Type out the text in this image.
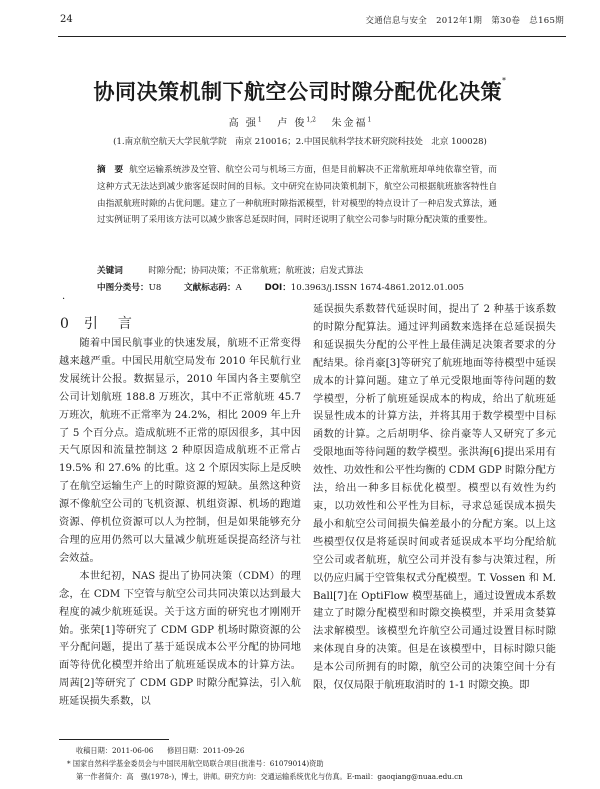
24	交通信息与安全 2012年1期 第30卷 总165期
协同决策机制下航空公司时隙分配优化决策*
高 强$^1$ 卢 俊$^{1,2}$ 朱金福$^1$
(1.南京航空航天大学民航学院　南京 210016；2.中国民航科学技术研究院科技处　北京 100028)
摘　要 航空运输系统涉及空管、航空公司与机场三方面，但是目前解决不正常航班却单纯依靠空管，而这种方式无法达到减少旅客延误时间的目标。文中研究在协同决策机制下，航空公司根据航班旅客特性自由指派航班时隙的占优问题。建立了一种航班时隙指派模型，针对模型的特点设计了一种启发式算法，通过实例证明了采用该方法可以减少旅客总延误时间，同时还说明了航空公司参与时隙分配决策的重要性。
关键词	时隙分配；协同决策；不正常航班；航班波；启发式算法
中图分类号：U8	文献标志码：A	DOI：10.3963/j.ISSN 1674-4861.2012.01.005
·
0 引　言

随着中国民航事业的快速发展，航班不正常变得越来越严重。中国民用航空局发布 2010 年民航行业发展统计公报。数据显示，2010 年国内各主要航空公司计划航班 188.8 万班次，其中不正常航班 45.7 万班次，航班不正常率为 24.2%，相比 2009 年上升了 5 个百分点。造成航班不正常的原因很多，其中因天气原因和流量控制这 2 种原因造成航班不正常占 19.5% 和 27.6% 的比重。这 2 个原因实际上是反映了在航空运输生产上的时隙资源的短缺。虽然这种资源不像航空公司的飞机资源、机组资源、机场的跑道资源、停机位资源可以人为控制，但是如果能够充分合理的应用仍然可以大量减少航班延误提高经济与社会效益。

本世纪初，NAS 提出了协同决策（CDM）的理念，在 CDM 下空管与航空公司共同决策以达到最大程度的减少航班延误。关于这方面的研究也才刚刚开始。张荣[1]等研究了 CDM GDP 机场时隙资源的公平分配问题，提出了基于延误成本公平分配的协同地面等待优化模型并给出了航班延误成本的计算方法。周茜[2]等研究了 CDM GDP 时隙分配算法，引入航班延误损失系数，以

延误损失系数替代延误时间，提出了 2 种基于该系数的时隙分配算法。通过评判函数来选择在总延误损失和延误损失分配的公平性上最佳满足决策者要求的分配结果。徐肖豪[3]等研究了航班地面等待模型中延误成本的计算问题。建立了单元受限地面等待问题的数学模型，分析了航班延误成本的构成，给出了航班延误显性成本的计算方法，并将其用于数学模型中目标函数的计算。之后胡明华、徐肖豪等人又研究了多元受限地面等待问题的数学模型。张洪海[6]提出采用有效性、功效性和公平性均衡的 CDM GDP 时隙分配方法，给出一种多目标优化模型。模型以有效性为约束，以功效性和公平性为目标，寻求总延误成本损失最小和航空公司间损失偏差最小的分配方案。以上这些模型仅仅是将延误时间或者延误成本平均分配给航空公司或者航班，航空公司并没有参与决策过程，所以仍应归属于空管集权式分配模型。T. Vossen 和 M. Ball[7]在 OptiFlow 模型基础上，通过设置成本系数建立了时隙分配模型和时隙交换模型，并采用贪婪算法求解模型。该模型允许航空公司通过设置目标时隙来体现自身的决策。但是在该模型中，目标时隙只能是本公司所拥有的时隙，航空公司的决策空间十分有限，仅仅局限于航班取消时的 1-1 时隙交换。即

收稿日期：2011-06-06 修回日期：2011-09-26
* 国家自然科学基金委员会与中国民用航空局联合项目(批准号：61079014)资助
第一作者简介：高　强(1978-)，博士，讲师。研究方向：交通运输系统优化与仿真。E-mail：gaoqiang@nuaa.edu.cn
